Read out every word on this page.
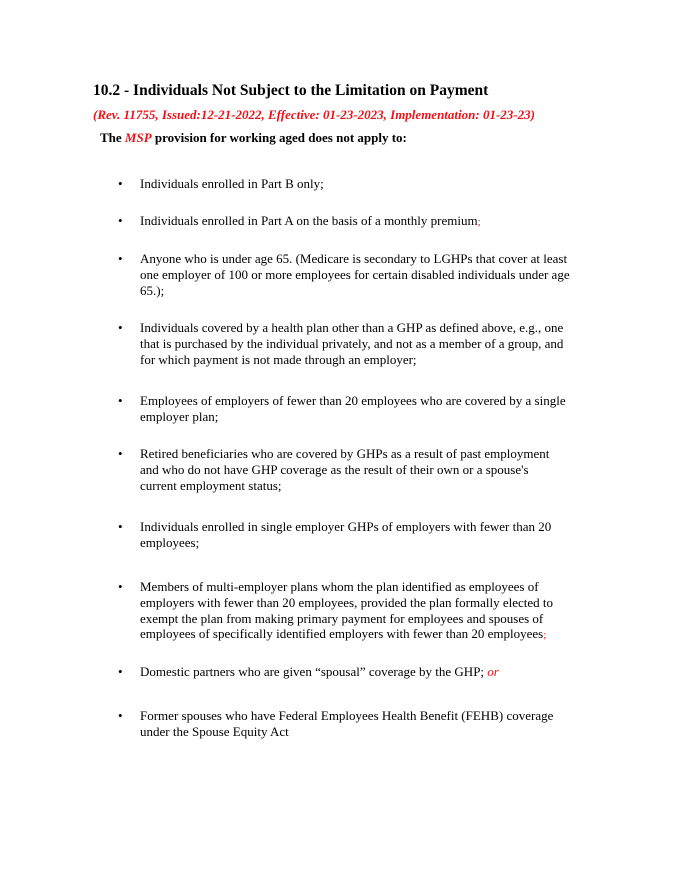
10.2 - Individuals Not Subject to the Limitation on Payment
(Rev. 11755, Issued:12-21-2022, Effective: 01-23-2023, Implementation: 01-23-23)
The MSP provision for working aged does not apply to:
• Individuals enrolled in Part B only;
• Individuals enrolled in Part A on the basis of a monthly premium;
• Anyone who is under age 65. (Medicare is secondary to LGHPs that cover at least one employer of 100 or more employees for certain disabled individuals under age 65.);
• Individuals covered by a health plan other than a GHP as defined above, e.g., one that is purchased by the individual privately, and not as a member of a group, and for which payment is not made through an employer;
• Employees of employers of fewer than 20 employees who are covered by a single employer plan;
• Retired beneficiaries who are covered by GHPs as a result of past employment and who do not have GHP coverage as the result of their own or a spouse's current employment status;
• Individuals enrolled in single employer GHPs of employers with fewer than 20 employees;
• Members of multi-employer plans whom the plan identified as employees of employers with fewer than 20 employees, provided the plan formally elected to exempt the plan from making primary payment for employees and spouses of employees of specifically identified employers with fewer than 20 employees;
• Domestic partners who are given “spousal” coverage by the GHP; or
• Former spouses who have Federal Employees Health Benefit (FEHB) coverage under the Spouse Equity Act
